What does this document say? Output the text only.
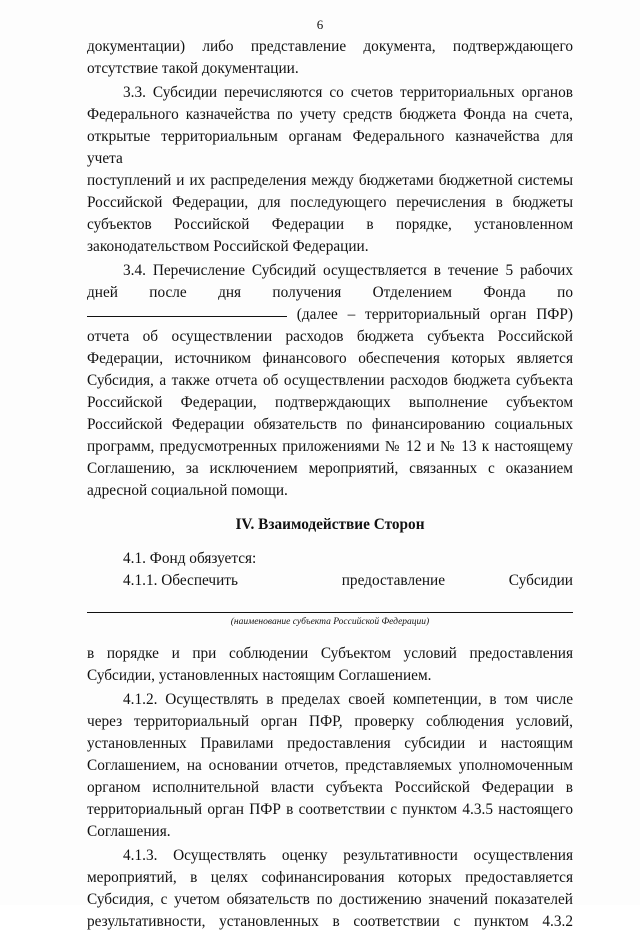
6

документации) либо представление документа, подтверждающего

отсутствие такой документации.

3.3. Субсидии перечисляются со счетов территориальных органов

Федерального казначейства по учету средств бюджета Фонда на счета,

открытые территориальным органам Федерального казначейства для учета

поступлений и их распределения между бюджетами бюджетной системы

Российской Федерации, для последующего перечисления в бюджеты

субъектов Российской Федерации в порядке, установленном

законодательством Российской Федерации.

3.4. Перечисление Субсидий осуществляется в течение 5 рабочих

дней после дня получения Отделением Фонда по

(далее – территориальный орган ПФР)

отчета об осуществлении расходов бюджета субъекта Российской

Федерации, источником финансового обеспечения которых является

Субсидия, а также отчета об осуществлении расходов бюджета субъекта

Российской Федерации, подтверждающих выполнение субъектом

Российской Федерации обязательств по финансированию социальных

программ, предусмотренных приложениями № 12 и № 13 к настоящему

Соглашению, за исключением мероприятий, связанных с оказанием

адресной социальной помощи.

IV. Взаимодействие Сторон

4.1. Фонд обязуется:

4.1.1. Обеспечить	предоставление	Субсидии
(наименование субъекта Российской Федерации)

в порядке и при соблюдении Субъектом условий предоставления

Субсидии, установленных настоящим Соглашением.

4.1.2. Осуществлять в пределах своей компетенции, в том числе

через территориальный орган ПФР, проверку соблюдения условий,

установленных Правилами предоставления субсидии и настоящим

Соглашением, на основании отчетов, представляемых уполномоченным

органом исполнительной власти субъекта Российской Федерации в

территориальный орган ПФР в соответствии с пунктом 4.3.5 настоящего

Соглашения.

4.1.3. Осуществлять оценку результативности осуществления

мероприятий, в целях софинансирования которых предоставляется

Субсидия, с учетом обязательств по достижению значений показателей

результативности, установленных в соответствии с пунктом 4.3.2
